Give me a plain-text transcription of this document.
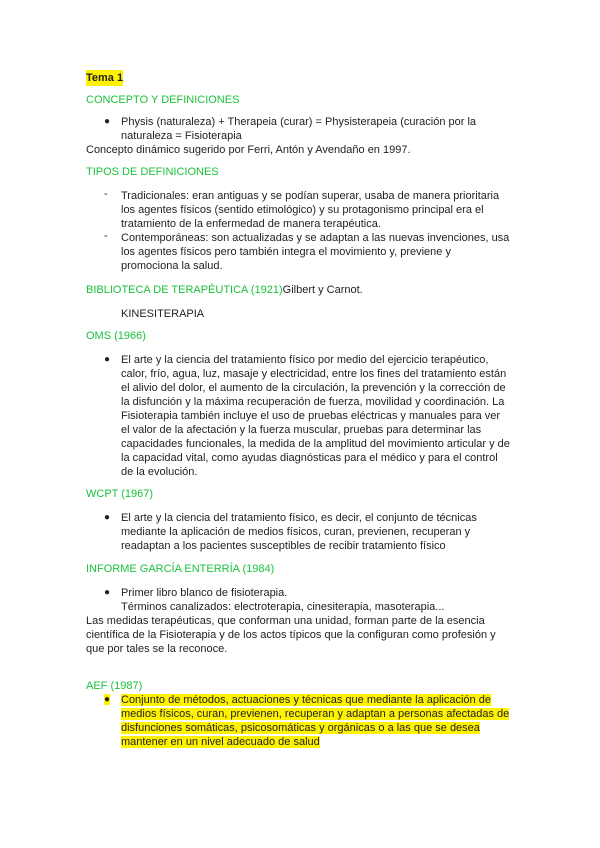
Tema 1
CONCEPTO Y DEFINICIONES
● Physis (naturaleza) + Therapeia (curar) = Physisterapeia (curación por la
naturaleza = Fisioterapia
Concepto dinámico sugerido por Ferri, Antón y Avendaño en 1997.
TIPOS DE DEFINICIONES
- Tradicionales: eran antiguas y se podían superar, usaba de manera prioritaria
los agentes físicos (sentido etimológico) y su protagonismo principal era el
tratamiento de la enfermedad de manera terapéutica.
- Contemporáneas: son actualizadas y se adaptan a las nuevas invenciones, usa
los agentes físicos pero también integra el movimiento y, previene y
promociona la salud.
BIBLIOTECA DE TERAPÉUTICA (1921)Gilbert y Carnot.
KINESITERAPIA
OMS (1966)
● El arte y la ciencia del tratamiento físico por medio del ejercicio terapéutico,
calor, frío, agua, luz, masaje y electricidad, entre los fines del tratamiento están
el alivio del dolor, el aumento de la circulación, la prevención y la corrección de
la disfunción y la máxima recuperación de fuerza, movilidad y coordinación. La
Fisioterapia también incluye el uso de pruebas eléctricas y manuales para ver
el valor de la afectación y la fuerza muscular, pruebas para determinar las
capacidades funcionales, la medida de la amplitud del movimiento articular y de
la capacidad vital, como ayudas diagnósticas para el médico y para el control
de la evolución.
WCPT (1967)
● El arte y la ciencia del tratamiento físico, es decir, el conjunto de técnicas
mediante la aplicación de medios físicos, curan, previenen, recuperan y
readaptan a los pacientes susceptibles de recibir tratamiento físico
INFORME GARCÍA ENTERRÍA (1984)
● Primer libro blanco de fisioterapia.
Términos canalizados: electroterapia, cinesiterapia, masoterapia...
Las medidas terapéuticas, que conforman una unidad, forman parte de la esencia
científica de la Fisioterapia y de los actos típicos que la configuran como profesión y
que por tales se la reconoce.
AEF (1987)
● Conjunto de métodos, actuaciones y técnicas que mediante la aplicación de
medios físicos, curan, previenen, recuperan y adaptan a personas afectadas de
disfunciones somáticas, psicosomáticas y orgánicas o a las que se desea
mantener en un nivel adecuado de salud
